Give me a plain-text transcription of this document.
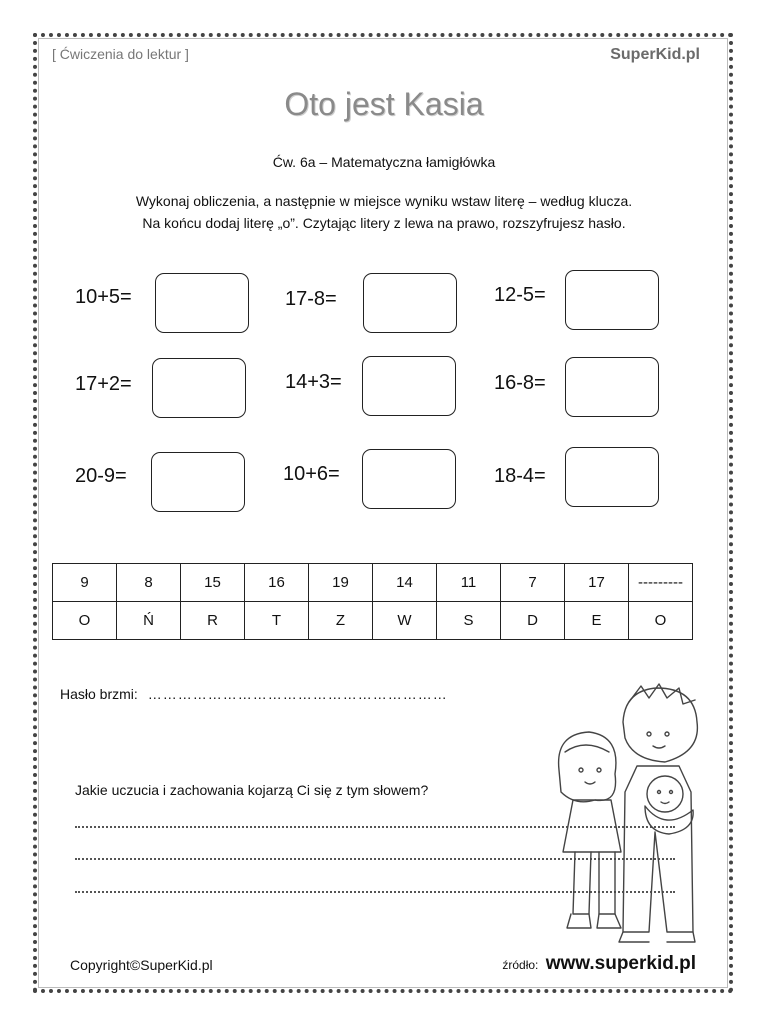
[ Ćwiczenia do lektur ]	SuperKid.pl
Oto jest Kasia
Ćw. 6a – Matematyczna łamigłówka
Wykonaj obliczenia, a następnie w miejsce wyniku wstaw literę – według klucza.
Na końcu dodaj literę „o”. Czytając litery z lewa na prawo, rozszyfrujesz hasło.
10+5=	17-8=	12-5=
17+2=	14+3=	16-8=
20-9=	10+6=	18-4=
9	8	15	16	19	14	11	7	17	---------
O	Ń	R	T	Z	W	S	D	E	O
Hasło brzmi: ……………………………………………………
Jakie uczucia i zachowania kojarzą Ci się z tym słowem?
Copyright©SuperKid.pl	źródło: www.superkid.pl
